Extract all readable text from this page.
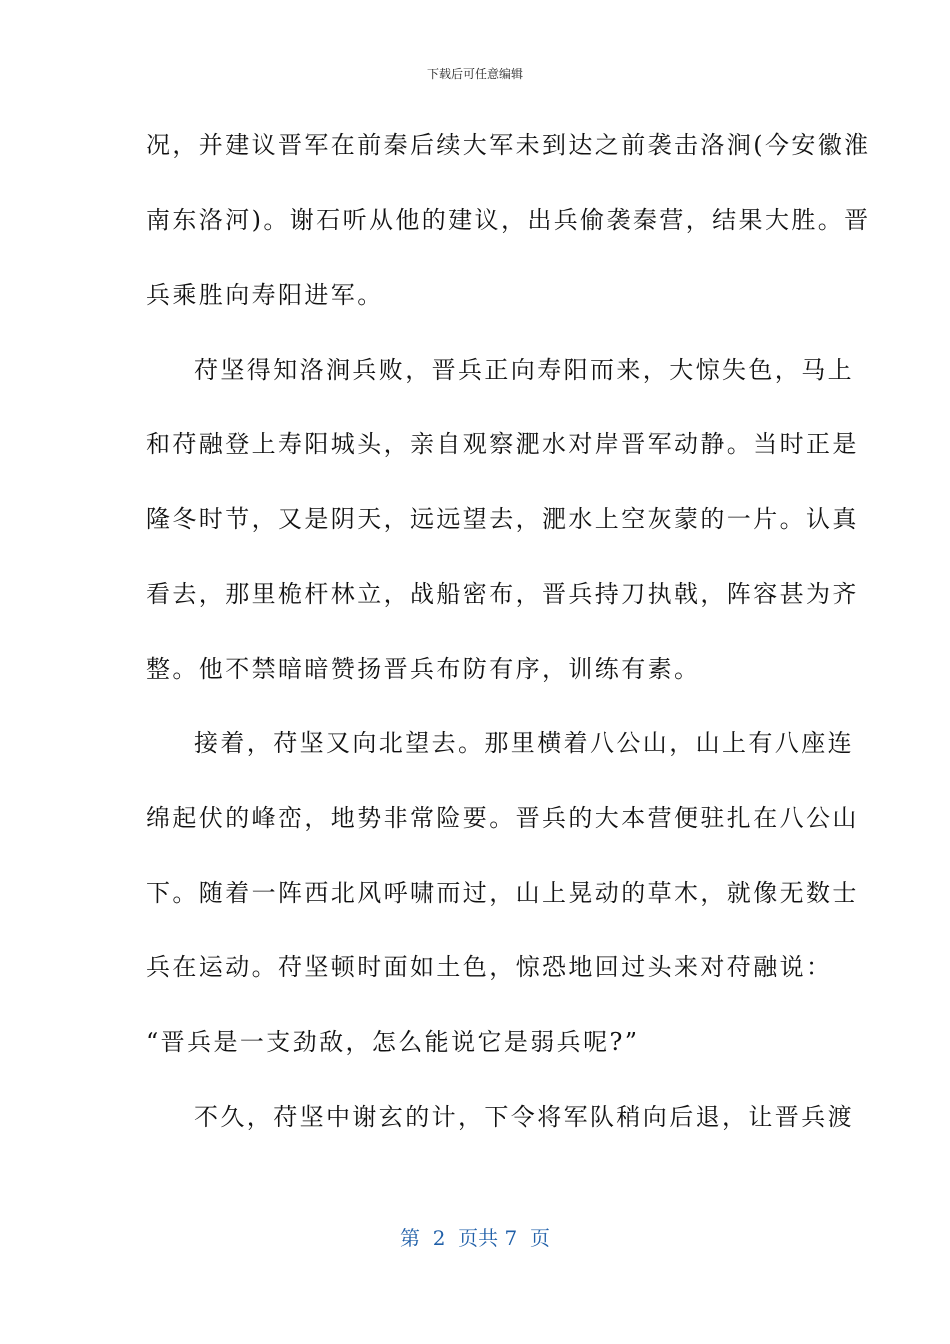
下载后可任意编辑
况，并建议晋军在前秦后续大军未到达之前袭击洛涧(今安徽淮
南东洛河)。谢石听从他的建议，出兵偷袭秦营，结果大胜。晋
兵乘胜向寿阳进军。
苻坚得知洛涧兵败，晋兵正向寿阳而来，大惊失色，马上
和苻融登上寿阳城头，亲自观察淝水对岸晋军动静。当时正是
隆冬时节，又是阴天，远远望去，淝水上空灰蒙的一片。认真
看去，那里桅杆林立，战船密布，晋兵持刀执戟，阵容甚为齐
整。他不禁暗暗赞扬晋兵布防有序，训练有素。
接着，苻坚又向北望去。那里横着八公山，山上有八座连
绵起伏的峰峦，地势非常险要。晋兵的大本营便驻扎在八公山
下。随着一阵西北风呼啸而过，山上晃动的草木，就像无数士
兵在运动。苻坚顿时面如土色，惊恐地回过头来对苻融说：
“晋兵是一支劲敌，怎么能说它是弱兵呢?”
不久，苻坚中谢玄的计，下令将军队稍向后退，让晋兵渡
第  2  页共 7  页
